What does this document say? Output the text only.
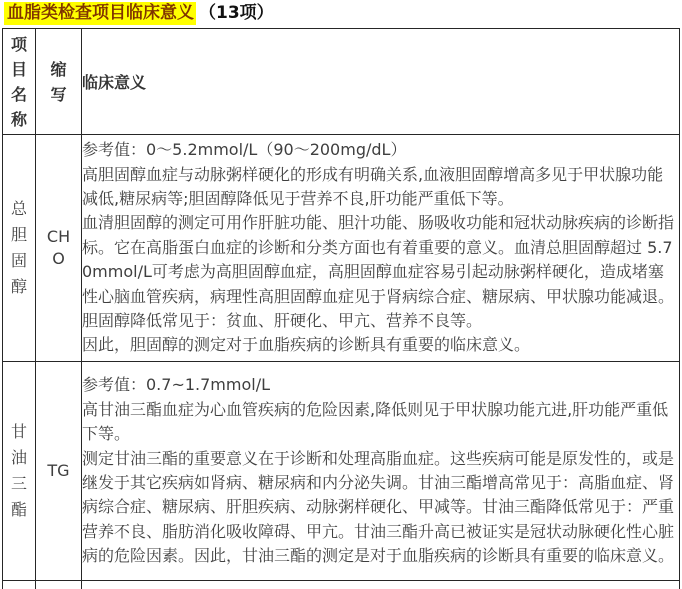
血脂类检查项目临床意义 （13项）
项目名称	缩写	临床意义

总胆固醇	CHO	参考值：0～5.2mmol/L（90～200mg/dL）

高胆固醇血症与动脉粥样硬化的形成有明确关系,血液胆固醇增高多见于甲状腺功能减低,糖尿病等;胆固醇降低见于营养不良,肝功能严重低下等。

血清胆固醇的测定可用作肝脏功能、胆汁功能、肠吸收功能和冠状动脉疾病的诊断指标。它在高脂蛋白血症的诊断和分类方面也有着重要的意义。血清总胆固醇超过 5.70mmol/L可考虑为高胆固醇血症，高胆固醇血症容易引起动脉粥样硬化，造成堵塞性心脑血管疾病，病理性高胆固醇血症见于肾病综合症、糖尿病、甲状腺功能减退。胆固醇降低常见于：贫血、肝硬化、甲亢、营养不良等。

因此，胆固醇的测定对于血脂疾病的诊断具有重要的临床意义。

甘油三酯	TG	参考值：0.7~1.7mmol/L

高甘油三酯血症为心血管疾病的危险因素,降低则见于甲状腺功能亢进,肝功能严重低下等。

测定甘油三酯的重要意义在于诊断和处理高脂血症。这些疾病可能是原发性的，或是继发于其它疾病如肾病、糖尿病和内分泌失调。甘油三酯增高常见于：高脂血症、肾病综合症、糖尿病、肝胆疾病、动脉粥样硬化、甲减等。甘油三酯降低常见于：严重营养不良、脂肪消化吸收障碍、甲亢。甘油三酯升高已被证实是冠状动脉硬化性心脏病的危险因素。因此，甘油三酯的测定是对于血脂疾病的诊断具有重要的临床意义。
